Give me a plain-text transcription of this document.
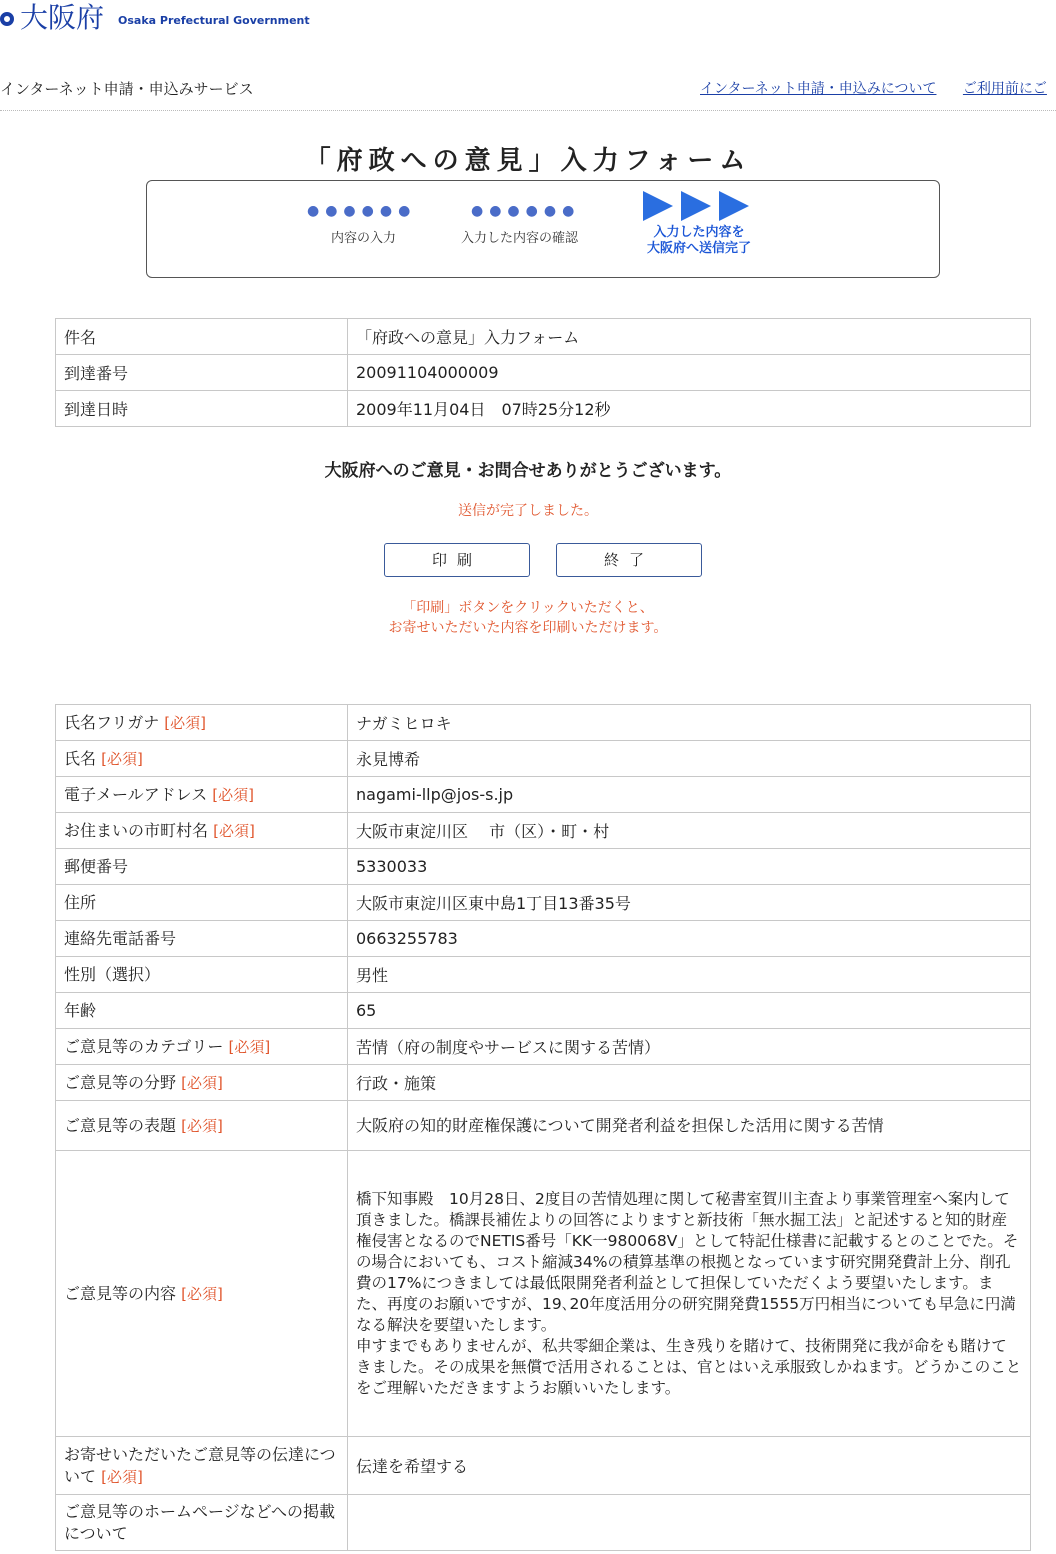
大阪府 Osaka Prefectural Government
インターネット申請・申込みサービス	インターネット申請・申込みについて ご利用前にご
「府政への意見」入力フォーム
●●●●●●
内容の入力
●●●●●●
入力した内容の確認	入力した内容を
大阪府へ送信完了
件名	「府政への意見」入力フォーム
到達番号	20091104000009
到達日時	2009年11月04日　07時25分12秒
大阪府へのご意見・お問合せありがとうございます。
送信が完了しました。
印刷	終了
「印刷」ボタンをクリックいただくと、
お寄せいただいた内容を印刷いただけます。
氏名フリガナ [必須]	ナガミヒロキ
氏名 [必須]	永見博希
電子メールアドレス [必須]	nagami-llp@jos-s.jp
お住まいの市町村名 [必須]	大阪市東淀川区　 市（区）・町・村
郵便番号	5330033
住所	大阪市東淀川区東中島1丁目13番35号
連絡先電話番号	0663255783
性別（選択）	男性
年齢	65
ご意見等のカテゴリー [必須]	苦情（府の制度やサービスに関する苦情）
ご意見等の分野 [必須]	行政・施策
ご意見等の表題 [必須]	大阪府の知的財産権保護について開発者利益を担保した活用に関する苦情
ご意見等の内容 [必須]	橋下知事殿　10月28日、2度目の苦情処理に関して秘書室賀川主査より事業管理室へ案内して頂きました。橋課長補佐よりの回答によりますと新技術「無水掘工法」と記述すると知的財産権侵害となるのでNETIS番号「KK一980068V」として特記仕様書に記載するとのことでた。その場合においても、コスト縮減34%の積算基準の根拠となっています研究開発費計上分、削孔費の17%につきましては最低限開発者利益として担保していただくよう要望いたします。また、再度のお願いですが、19､20年度活用分の研究開発費1555万円相当についても早急に円満なる解決を要望いたします。
申すまでもありませんが、私共零細企業は、生き残りを賭けて、技術開発に我が命をも賭けてきました。その成果を無償で活用されることは、官とはいえ承服致しかねます。どうかこのことをご理解いただきますようお願いいたします。
お寄せいただいたご意見等の伝達について [必須]	伝達を希望する
ご意見等のホームページなどへの掲載について	
